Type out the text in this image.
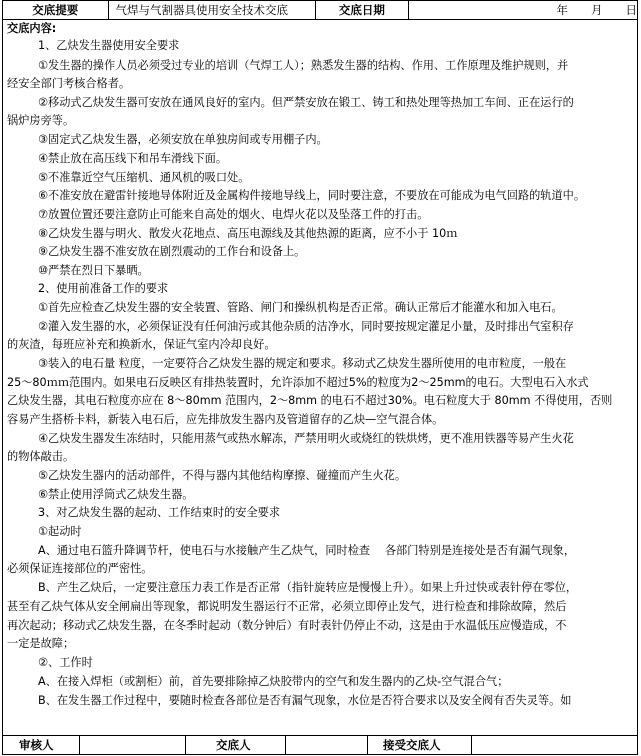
交底提要	气焊与气割器具使用安全技术交底	交底日期	年　　月　　日
交底内容:
1、乙炔发生器使用安全要求
①发生器的操作人员必须受过专业的培训（气焊工人）；熟悉发生器的结构、作用、工作原理及维护规则，并
经安全部门考核合格者。
②移动式乙炔发生器可安放在通风良好的室内。但严禁安放在锻工、铸工和热处理等热加工车间、正在运行的
锅炉房旁等。
③固定式乙炔发生器，必须安放在单独房间或专用棚子内。
④禁止放在高压线下和吊车滑线下面。
⑤不准靠近空气压缩机、通风机的吸口处。
⑥不准安放在避雷针接地导体附近及金属构件接地导线上，同时要注意，不要放在可能成为电气回路的轨道中。
⑦放置位置还要注意防止可能来自高处的烟火、电焊火花以及坠落工件的打击。
⑧乙炔发生器与明火、散发火花地点、高压电源线及其他热源的距离，应不小于 10ｍ
⑨乙炔发生器不准安放在剧烈震动的工作台和设备上。
⑩严禁在烈日下暴晒。
2、使用前准备工作的要求
①首先应检查乙炔发生器的安全装置、管路、闸门和操纵机构是否正常。确认正常后才能灌水和加入电石。
②灌入发生器的水，必须保证没有任何油污或其他杂质的洁净水，同时要按规定灌足小量，及时排出气室积存
的灰渣，每班应补充和换新水，保证气室内冷却良好。
③装入的电石量 粒度，一定要符合乙炔发生器的规定和要求。移动式乙炔发生器所使用的电市粒度，一般在
25～80ｍｍ范围内。如果电石反映区有排热装置时，允许添加不超过5%的粒度为2～25mm的电石。大型电石入水式
乙炔发生器，其电石粒度亦应在 8～80mm 范围内，2～8mm 的电石不超过30%。电石粒度大于 80mm 不得使用，否则
容易产生搭桥卡料，新装入电石后，应先排放发生器内及管道留存的乙炔—空气混合体。
④乙炔发生器发生冻结时，只能用蒸气或热水解冻，严禁用明火或烧红的铁烘烤，更不准用铁器等易产生火花
的物体敲击。
⑤乙炔发生器内的活动部件，不得与器内其他结构摩擦、碰撞而产生火花。
⑥禁止使用浮筒式乙炔发生器。
3、对乙炔发生器的起动、工作结束时的安全要求
①起动时
A、通过电石篮升降调节杆，使电石与水接触产生乙炔气，同时检查　 各部门特别是连接处是否有漏气现象，
必须保证连接部位的严密性。
B、产生乙炔后，一定要注意压力表工作是否正常（指针旋转应是慢慢上升）。如果上升过快或表针停在零位，
甚至有乙炔气体从安全闸扁出等现象，都说明发生器运行不正常，必须立即停止发气，进行检查和排除故障，然后
再次起动；移动式乙炔发生器，在冬季时起动（数分钟后）有时表针仍停止不动，这是由于水温低压应慢造成，不
一定是故障；
②、工作时
A、在接入焊柜（或割柜）前，首先要排除掉乙炔胶带内的空气和发生器内的乙炔-空气混合气；
B、在发生器工作过程中，要随时检查各部位是否有漏气现象，水位是否符合要求以及安全阀有否失灵等。如
审核人	交底人	接受交底人
